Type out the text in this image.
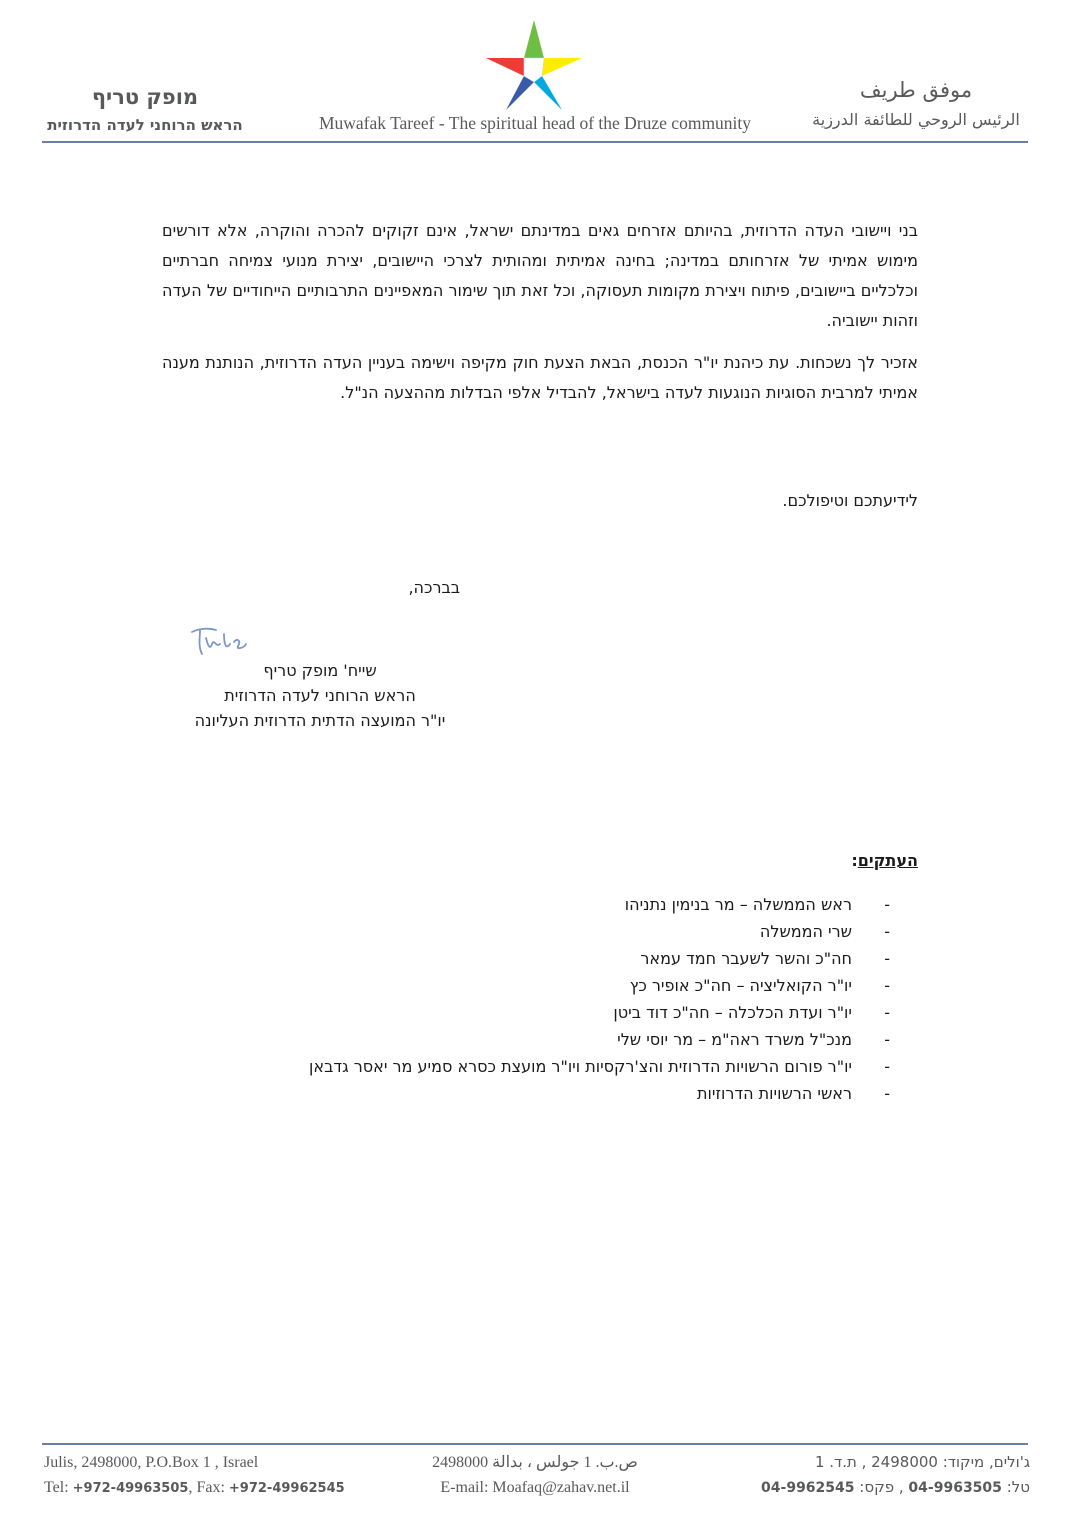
מופק טריף
הראש הרוחני לעדה הדרוזית	Muwafak Tareef - The spiritual head of the Druze community
موفق طريف
الرئيس الروحي للطائفة الدرزية

בני ויישובי העדה הדרוזית, בהיותם אזרחים גאים במדינתם ישראל, אינם זקוקים להכרה והוקרה, אלא דורשים מימוש אמיתי של אזרחותם במדינה; בחינה אמיתית ומהותית לצרכי היישובים, יצירת מנועי צמיחה חברתיים וכלכליים ביישובים, פיתוח ויצירת מקומות תעסוקה, וכל זאת תוך שימור המאפיינים התרבותיים הייחודיים של העדה וזהות יישוביה.

אזכיר לך נשכחות. עת כיהנת יו"ר הכנסת, הבאת הצעת חוק מקיפה וישימה בעניין העדה הדרוזית, הנותנת מענה אמיתי למרבית הסוגיות הנוגעות לעדה בישראל, להבדיל אלפי הבדלות מההצעה הנ"ל.

לידיעתכם וטיפולכם.
בברכה,
שייח' מופק טריף
הראש הרוחני לעדה הדרוזית
יו"ר המועצה הדתית הדרוזית העליונה
העתקים:
-
ראש הממשלה – מר בנימין נתניהו
-
שרי הממשלה
-
חה"כ והשר לשעבר חמד עמאר
-
יו"ר הקואליציה – חה"כ אופיר כץ
-
יו"ר ועדת הכלכלה – חה"כ דוד ביטן
-
מנכ"ל משרד ראה"מ – מר יוסי שלי
-
יו"ר פורום הרשויות הדרוזית והצ'רקסיות ויו"ר מועצת כסרא סמיע מר יאסר גדבאן
-
ראשי הרשויות הדרוזיות
Julis, 2498000, P.O.Box 1 , Israel
Tel: +972-49963505, Fax: +972-49962545
ص.ب. 1 جولس ، بدالة 2498000
E-mail: Moafaq@zahav.net.il
ג'ולים, מיקוד: 2498000 , ת.ד. 1
טל: 04-9963505 , פקס: 04-9962545
